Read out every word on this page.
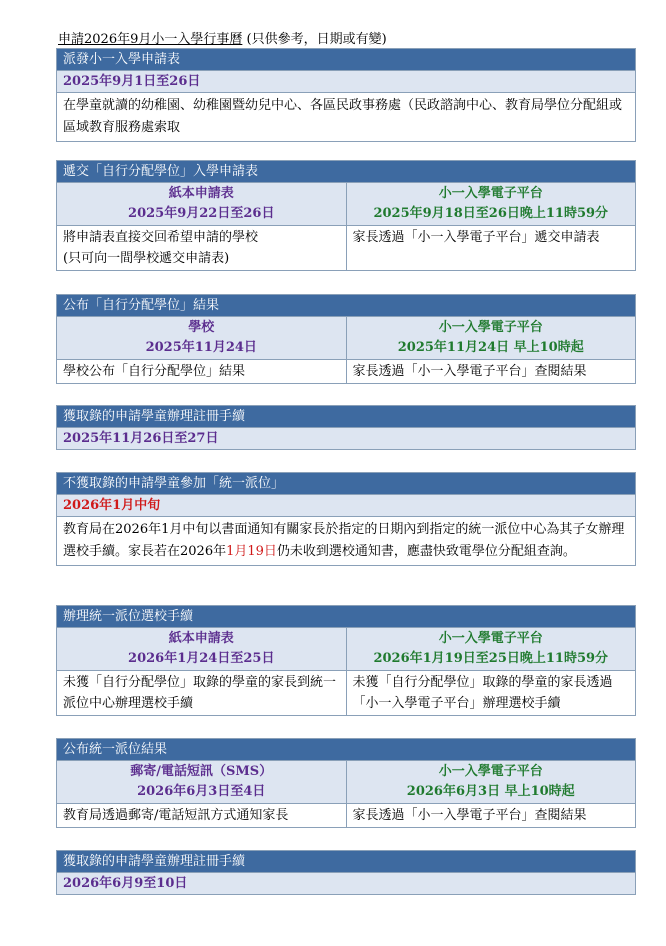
申請2026年9月小一入學行事曆 (只供參考，日期或有變)
派發小一入學申請表
2025年9月1日至26日
在學童就讀的幼稚園、幼稚園暨幼兒中心、各區民政事務處（民政諮詢中心、教育局學位分配組或區域教育服務處索取
遞交「自行分配學位」入學申請表
紙本申請表
2025年9月22日至26日
小一入學電子平台
2025年9月18日至26日晚上11時59分
將申請表直接交回希望申請的學校
(只可向一間學校遞交申請表)
家長透過「小一入學電子平台」遞交申請表
公布「自行分配學位」結果
學校
2025年11月24日
小一入學電子平台
2025年11月24日 早上10時起
學校公布「自行分配學位」結果	家長透過「小一入學電子平台」查閱結果
獲取錄的申請學童辦理註冊手續
2025年11月26日至27日
不獲取錄的申請學童參加「統一派位」
2026年1月中旬
教育局在2026年1月中旬以書面通知有關家長於指定的日期內到指定的統一派位中心為其子女辦理選校手續。家長若在2026年1月19日仍未收到選校通知書，應盡快致電學位分配組查詢。
辦理統一派位選校手續
紙本申請表
2026年1月24日至25日
小一入學電子平台
2026年1月19日至25日晚上11時59分
未獲「自行分配學位」取錄的學童的家長到統一派位中心辦理選校手續
未獲「自行分配學位」取錄的學童的家長透過「小一入學電子平台」辦理選校手續
公布統一派位結果
郵寄/電話短訊（SMS）
2026年6月3日至4日
小一入學電子平台
2026年6月3日 早上10時起
教育局透過郵寄/電話短訊方式通知家長	家長透過「小一入學電子平台」查閱結果
獲取錄的申請學童辦理註冊手續
2026年6月9至10日
